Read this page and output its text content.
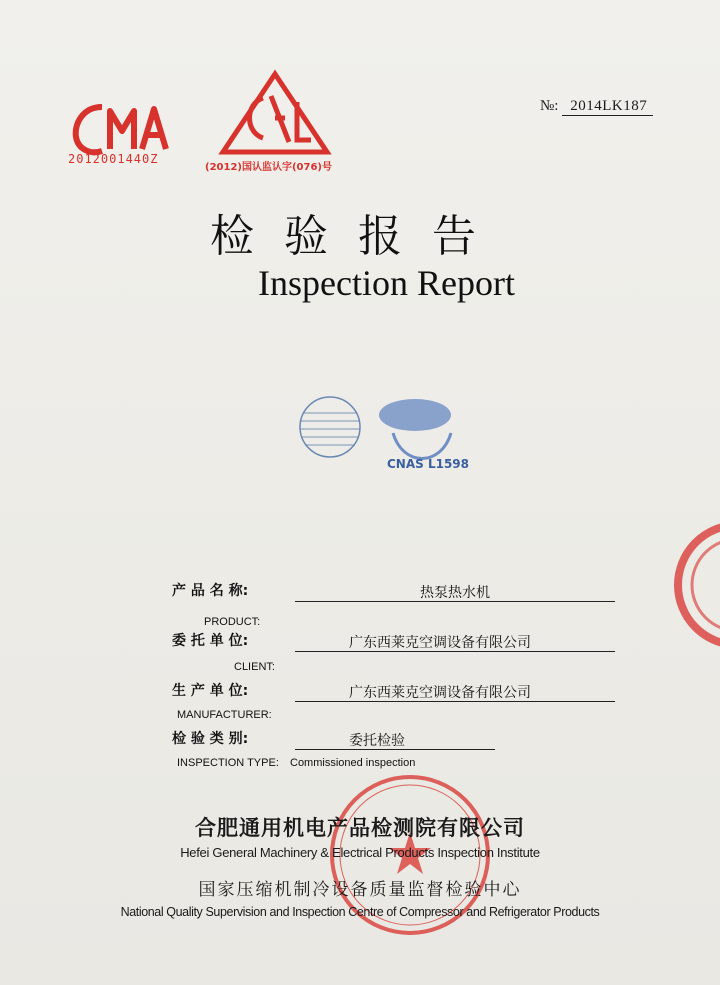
2012001440Z
(2012)国认监认字(076)号
№: 2014LK187
检验报告
Inspection Report
CNAS L1598
产 品 名 称:
PRODUCT:
热泵热水机
委 托 单 位:
CLIENT:
广东西莱克空调设备有限公司
生 产 单 位:
MANUFACTURER:
广东西莱克空调设备有限公司
检 验 类 别:
INSPECTION TYPE: Commissioned inspection
委托检验
合肥通用机电产品检测院有限公司
Hefei General Machinery & Electrical Products Inspection Institute
国家压缩机制冷设备质量监督检验中心
National Quality Supervision and Inspection Centre of Compressor and Refrigerator Products
